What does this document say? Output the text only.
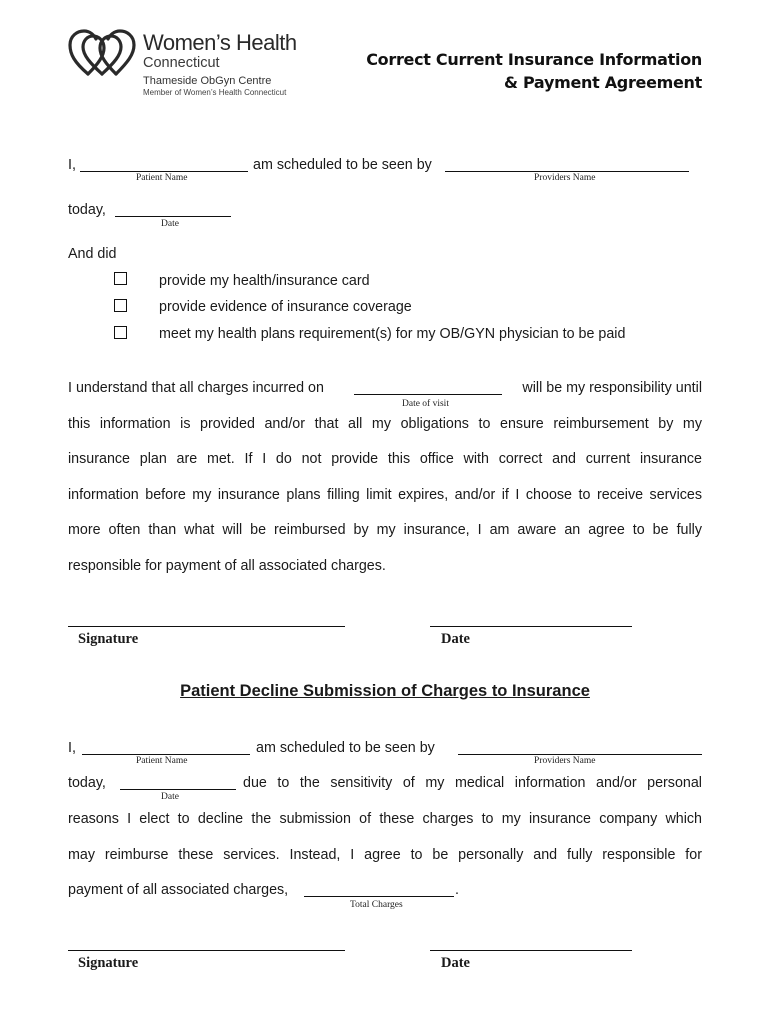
Women’s Health
Connecticut
Thameside ObGyn Centre
Member of Women’s Health Connecticut
Correct Current Insurance Information
& Payment Agreement
I,	am scheduled to be seen by
Patient Name	Providers Name
today,
Date
And did
provide my health/insurance card
provide evidence of insurance coverage
meet my health plans requirement(s) for my OB/GYN physician to be paid
I understand that all charges incurred on	will be my responsibility until
Date of visit
this information is provided and/or that all my obligations to ensure reimbursement by my
insurance plan are met. If I do not provide this office with correct and current insurance
information before my insurance plans filling limit expires, and/or if I choose to receive services
more often than what will be reimbursed by my insurance, I am aware an agree to be fully
responsible for payment of all associated charges.
Signature	Date
Patient Decline Submission of Charges to Insurance
I,	am scheduled to be seen by
Patient Name	Providers Name
today,	due to the sensitivity of my medical information and/or personal
Date
reasons I elect to decline the submission of these charges to my insurance company which
may reimburse these services. Instead, I agree to be personally and fully responsible for
payment of all associated charges,	.
Total Charges
Signature	Date
